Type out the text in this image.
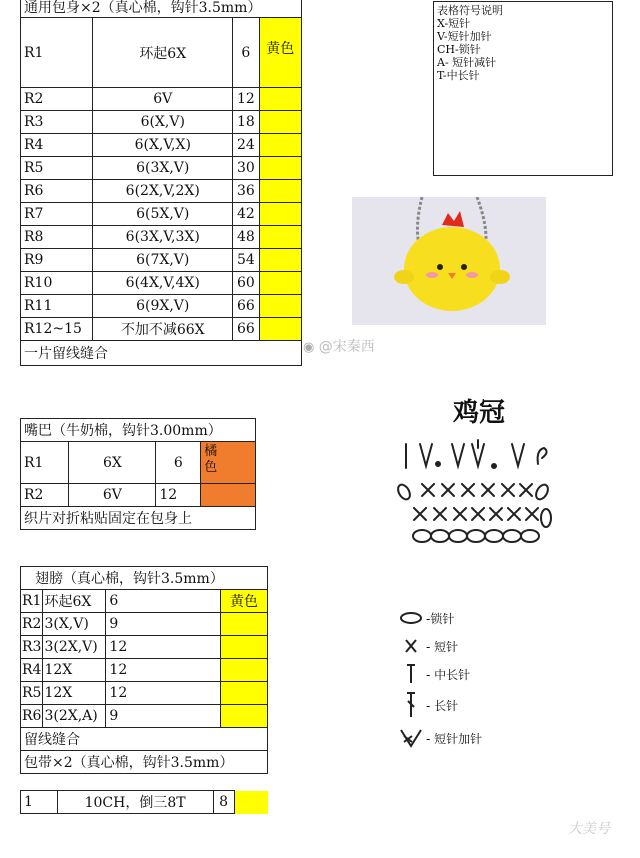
通用包身×2（真心棉，钩针3.5mm）			
R1	环起6X	6	黄色
R2	6V	12	
R3	6(X,V)	18	
R4	6(X,V,X)	24	
R5	6(3X,V)	30	
R6	6(2X,V,2X)	36	
R7	6(5X,V)	42	
R8	6(3X,V,3X)	48	
R9	6(7X,V)	54	
R10	6(4X,V,4X)	60	
R11	6(9X,V)	66	
R12~15	不加不减66X	66	
一片留线缝合			
表格符号说明
X-短针
V-短针加针
CH-锁针
A- 短针减针
T-中长针
◉ @宋秦西
鸡冠
嘴巴（牛奶棉，钩针3.00mm）			
R1	6X	6	橘
色
R2	6V	12	
织片对折粘贴固定在包身上			
翅膀（真心棉，钩针3.5mm）			
R1	环起6X	6	黄色
R2	3(X,V)	9	
R3	3(2X,V)	12	
R4	12X	12	
R5	12X	12	
R6	3(2X,A)	9	
留线缝合			
包带×2（真心棉，钩针3.5mm）			
1	10CH，倒三8T	8	
-锁针
- 短针
- 中长针
- 长针
- 短针加针
大美号
